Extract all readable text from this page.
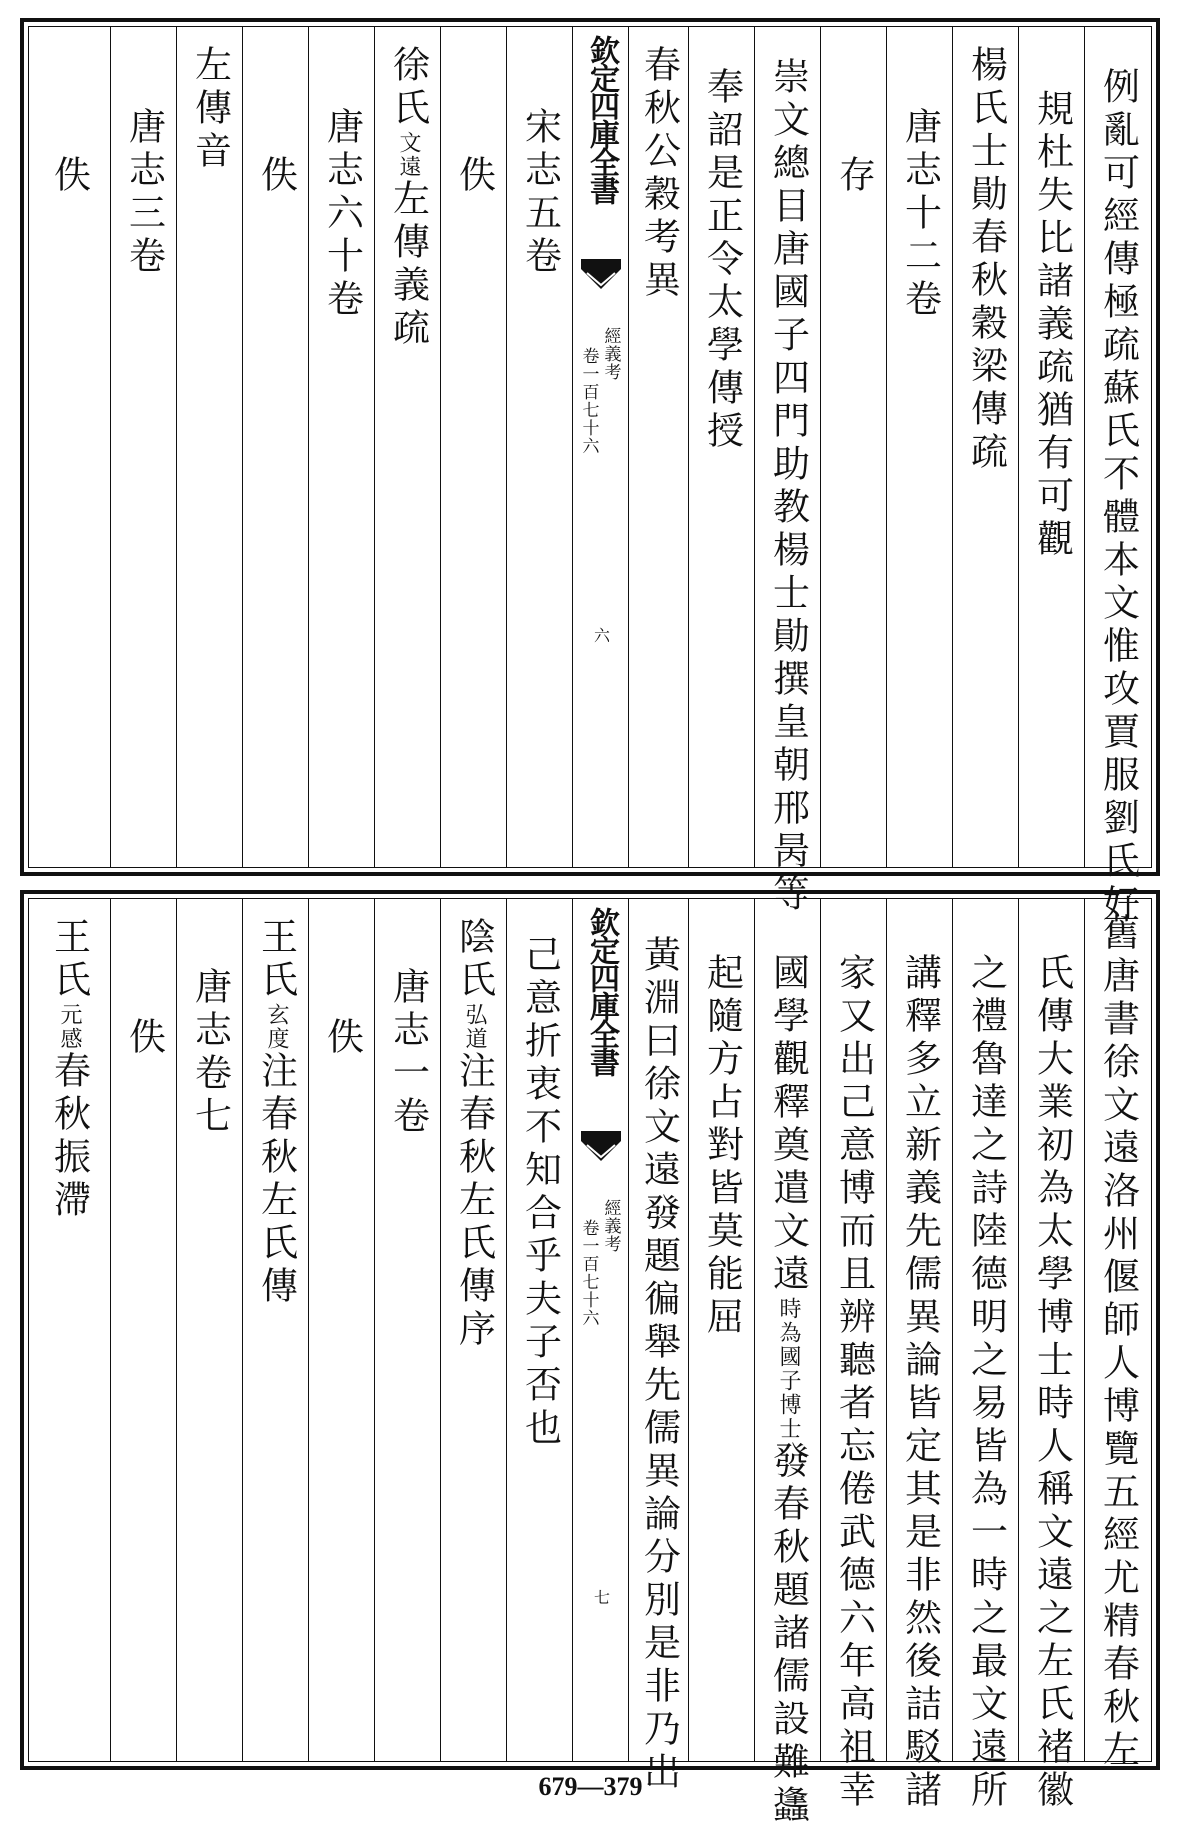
例亂可經傳極疏蘇氏不體本文惟攻賈服劉氏好
規杜失比諸義疏猶有可觀
楊氏士勛春秋穀梁傳疏
唐志十二卷
存
崇文總目唐國子四門助教楊士勛撰皇朝邢昺等
奉詔是正令太學傳授
春秋公穀考異
欽定四庫全書
經義考
卷一百七十六
六
宋志五卷
佚
徐氏
文遠
左傳義疏
唐志六十卷
佚
左傳音
唐志三卷
佚
舊唐書徐文遠洛州偃師人博覽五經尤精春秋左
氏傳大業初為太學博士時人稱文遠之左氏褚徽
之禮魯達之詩陸德明之易皆為一時之最文遠所
講釋多立新義先儒異論皆定其是非然後詰駁諸
家又出己意博而且辨聽者忘倦武德六年高祖幸
國學觀釋奠遣文遠
時為國子博士
發春秋題諸儒設難蠭
起隨方占對皆莫能屈
黃淵曰徐文遠發題徧舉先儒異論分別是非乃出
欽定四庫全書
經義考
卷一百七十六
七
己意折衷不知合乎夫子否也
陰氏
弘道
注春秋左氏傳序
唐志一卷
佚
王氏
玄度
注春秋左氏傳
唐志卷七
佚
王氏
元感
春秋振滯
679—379
